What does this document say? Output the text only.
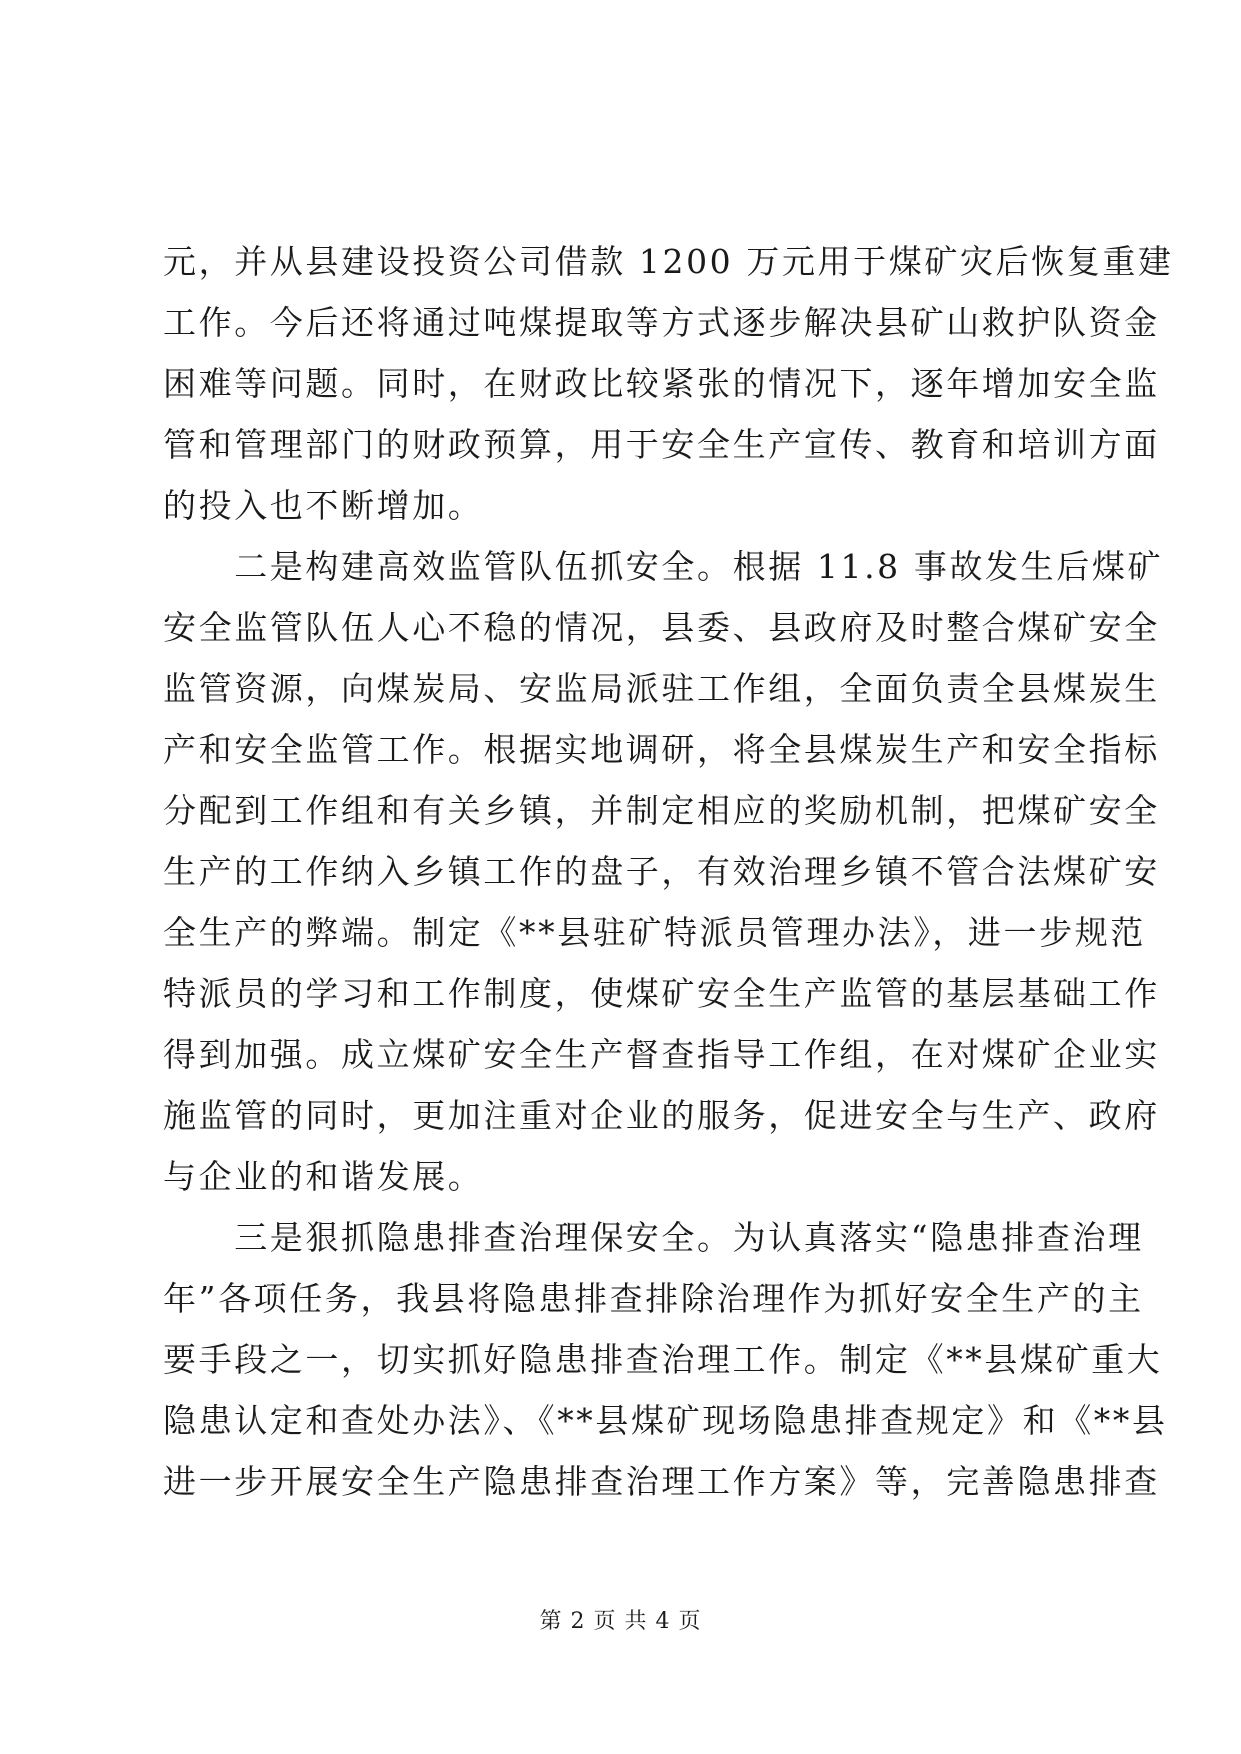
元，并从县建设投资公司借款 1200 万元用于煤矿灾后恢复重建
工作。今后还将通过吨煤提取等方式逐步解决县矿山救护队资金
困难等问题。同时，在财政比较紧张的情况下，逐年增加安全监
管和管理部门的财政预算，用于安全生产宣传、教育和培训方面
的投入也不断增加。
　　二是构建高效监管队伍抓安全。根据 11.8 事故发生后煤矿
安全监管队伍人心不稳的情况，县委、县政府及时整合煤矿安全
监管资源，向煤炭局、安监局派驻工作组，全面负责全县煤炭生
产和安全监管工作。根据实地调研，将全县煤炭生产和安全指标
分配到工作组和有关乡镇，并制定相应的奖励机制，把煤矿安全
生产的工作纳入乡镇工作的盘子，有效治理乡镇不管合法煤矿安
全生产的弊端。制定《**县驻矿特派员管理办法》，进一步规范
特派员的学习和工作制度，使煤矿安全生产监管的基层基础工作
得到加强。成立煤矿安全生产督查指导工作组，在对煤矿企业实
施监管的同时，更加注重对企业的服务，促进安全与生产、政府
与企业的和谐发展。
　　三是狠抓隐患排查治理保安全。为认真落实“隐患排查治理
年”各项任务，我县将隐患排查排除治理作为抓好安全生产的主
要手段之一，切实抓好隐患排查治理工作。制定《**县煤矿重大
隐患认定和查处办法》、《**县煤矿现场隐患排查规定》和《**县
进一步开展安全生产隐患排查治理工作方案》等，完善隐患排查
第 2 页 共 4 页
